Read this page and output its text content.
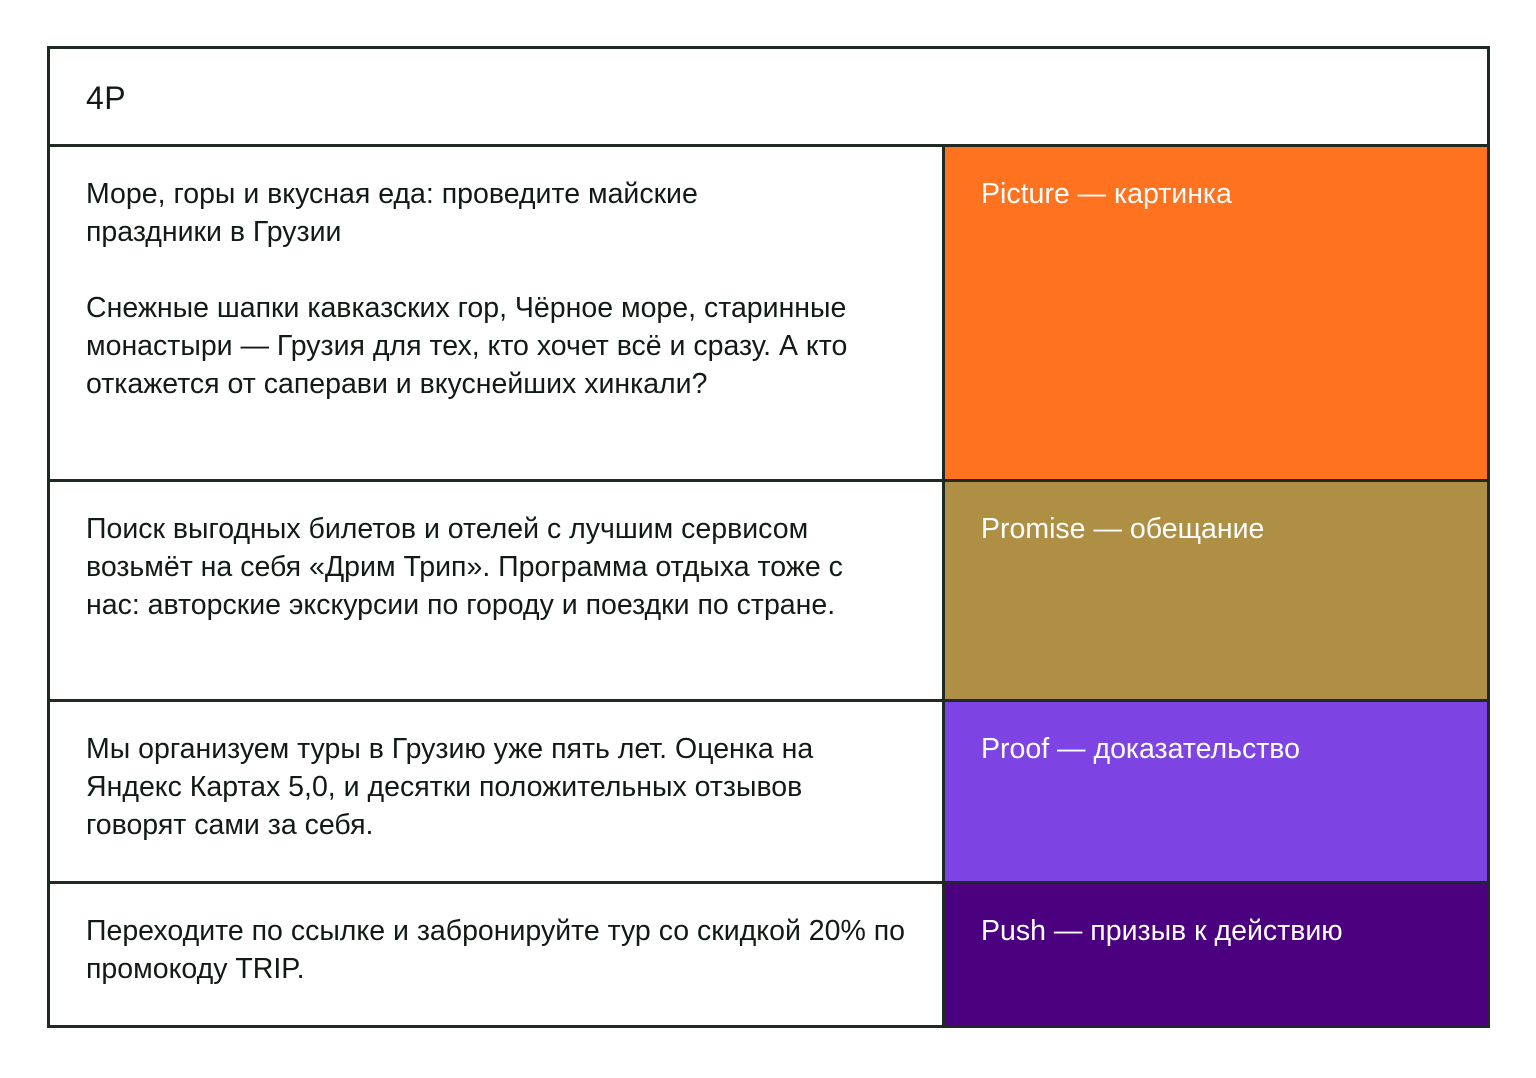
4P

Море, горы и вкусная еда: проведите майские праздники в Грузии

Снежные шапки кавказских гор, Чёрное море, старинные монастыри — Грузия для тех, кто хочет всё и сразу. А кто откажется от саперави и вкуснейших хинкали?

Picture — картинка

Поиск выгодных билетов и отелей с лучшим сервисом возьмёт на себя «Дрим Трип». Программа отдыха тоже с нас: авторские экскурсии по городу и поездки по стране.

Promise — обещание

Мы организуем туры в Грузию уже пять лет. Оценка на Яндекс Картах 5,0, и десятки положительных отзывов говорят сами за себя.

Proof — доказательство

Переходите по ссылке и забронируйте тур со скидкой 20% по промокоду TRIP.

Push — призыв к действию
